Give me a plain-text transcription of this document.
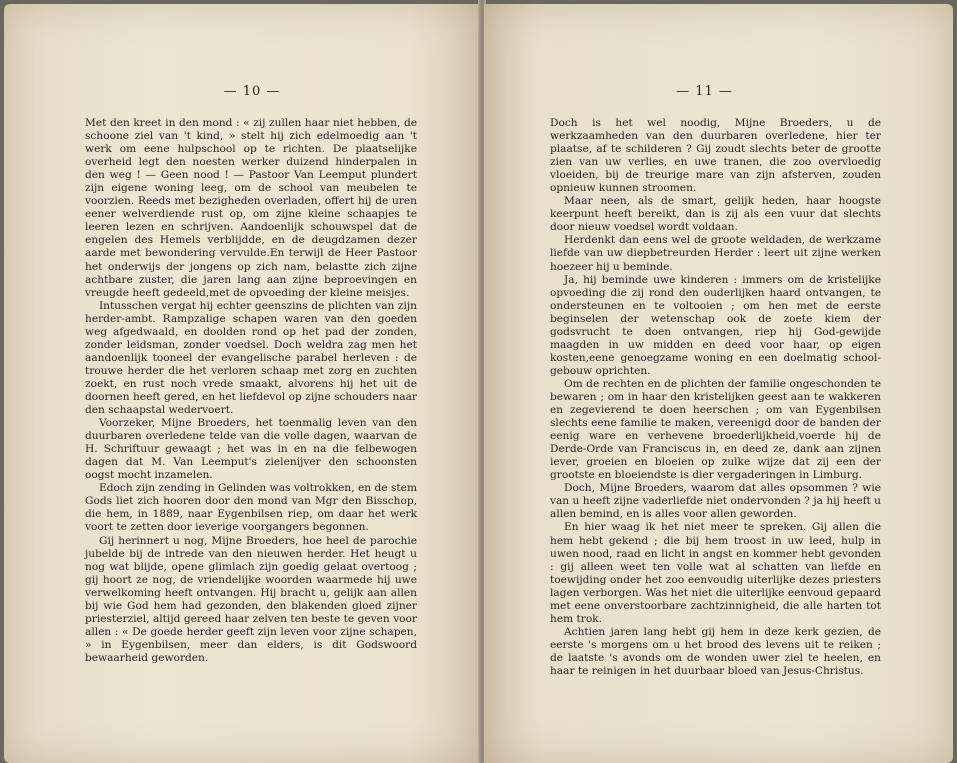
— 10 —

Met den kreet in den mond : « zij zullen haar niet hebben, de schoone ziel van 't kind, » stelt hij zich edelmoedig aan 't werk om eene hulpschool op te richten. De plaatselijke overheid legt den noesten werker duizend hinderpalen in den weg ! — Geen nood ! — Pastoor Van Leemput plundert zijn eigene woning leeg, om de school van meubelen te voorzien. Reeds met bezigheden overladen, offert hij de uren eener welverdiende rust op, om zijne kleine schaapjes te leeren lezen en schrijven. Aandoenlijk schouwspel dat de engelen des Hemels verblijdde, en de deugdzamen dezer aarde met bewondering vervulde.En terwijl de Heer Pastoor het onderwijs der jongens op zich nam, belastte zich zijne achtbare zuster, die jaren lang aan zijne beproevingen en vreugde heeft gedeeld,met de opvoeding der kleine meisjes.

Intusschen vergat hij echter geenszins de plichten van zijn herder-ambt. Rampzalige schapen waren van den goeden weg afgedwaald, en doolden rond op het pad der zonden, zonder leidsman, zonder voedsel. Doch weldra zag men het aandoenlijk tooneel der evangelische parabel herleven : de trouwe herder die het verloren schaap met zorg en zuchten zoekt, en rust noch vrede smaakt, alvorens hij het uit de doornen heeft gered, en het liefdevol op zijne schouders naar den schaapstal wedervoert.

Voorzeker, Mijne Broeders, het toenmalig leven van den duurbaren overledene telde van die volle dagen, waarvan de H. Schriftuur gewaagt ; het was in en na die felbewogen dagen dat M. Van Leemput's zielenijver den schoonsten oogst mocht inzamelen.

Edoch zijn zending in Gelinden was voltrokken, en de stem Gods liet zich hooren door den mond van Mgr den Bisschop, die hem, in 1889, naar Eygenbilsen riep, om daar het werk voort te zetten door ieverige voorgangers begonnen.

Gij herinnert u nog, Mijne Broeders, hoe heel de parochie jubelde bij de intrede van den nieuwen herder. Het heugt u nog wat blijde, opene glimlach zijn goedig gelaat overtoog ; gij hoort ze nog, de vriendelijke woorden waarmede hij uwe verwelkoming heeft ontvangen. Hij bracht u, gelijk aan allen bij wie God hem had gezonden, den blakenden gloed zijner priesterziel, altijd gereed haar zelven ten beste te geven voor allen : « De goede herder geeft zijn leven voor zijne schapen, » in Eygenbilsen, meer dan elders, is dit Godswoord bewaarheid geworden.

— 11 —

Doch is het wel noodig, Mijne Broeders, u de werkzaamheden van den duurbaren overledene, hier ter plaatse, af te schilderen ? Gij zoudt slechts beter de grootte zien van uw verlies, en uwe tranen, die zoo overvloedig vloeiden, bij de treurige mare van zijn afsterven, zouden opnieuw kunnen stroomen.

Maar neen, als de smart, gelijk heden, haar hoogste keerpunt heeft bereikt, dan is zij als een vuur dat slechts door nieuw voedsel wordt voldaan.

Herdenkt dan eens wel de groote weldaden, de werkzame liefde van uw diepbetreurden Herder : leert uit zijne werken hoezeer hij u beminde.

Ja, hij beminde uwe kinderen : immers om de kristelijke opvoeding die zij rond den ouderlijken haard ontvangen, te ondersteunen en te voltooien ; om hen met de eerste beginselen der wetenschap ook de zoete kiem der godsvrucht te doen ontvangen, riep hij God-gewijde maagden in uw midden en deed voor haar, op eigen kosten,eene genoegzame woning en een doelmatig school-gebouw oprichten.

Om de rechten en de plichten der familie ongeschonden te bewaren ; om in haar den kristelijken geest aan te wakkeren en zegevierend te doen heerschen ; om van Eygenbilsen slechts eene familie te maken, vereenigd door de banden der eenig ware en verhevene broederlijkheid,voerde hij de Derde-Orde van Franciscus in, en deed ze, dank aan zijnen iever, groeien en bloeien op zulke wijze dat zij een der grootste en bloeiendste is dier vergaderingen in Limburg.

Doch, Mijne Broeders, waarom dat alles opsommen ? wie van u heeft zijne vaderliefde niet ondervonden ? ja hij heeft u allen bemind, en is alles voor allen geworden.

En hier waag ik het niet meer te spreken. Gij allen die hem hebt gekend ; die bij hem troost in uw leed, hulp in uwen nood, raad en licht in angst en kommer hebt gevonden : gij alleen weet ten volle wat al schatten van liefde en toewijding onder het zoo eenvoudig uiterlijke dezes priesters lagen verborgen. Was het niet die uiterlijke eenvoud gepaard met eene onverstoorbare zachtzinnigheid, die alle harten tot hem trok.

Achtien jaren lang hebt gij hem in deze kerk gezien, de eerste 's morgens om u het brood des levens uit te reiken ; de laatste 's avonds om de wonden uwer ziel te heelen, en haar te reinigen in het duurbaar bloed van Jesus-Christus.
